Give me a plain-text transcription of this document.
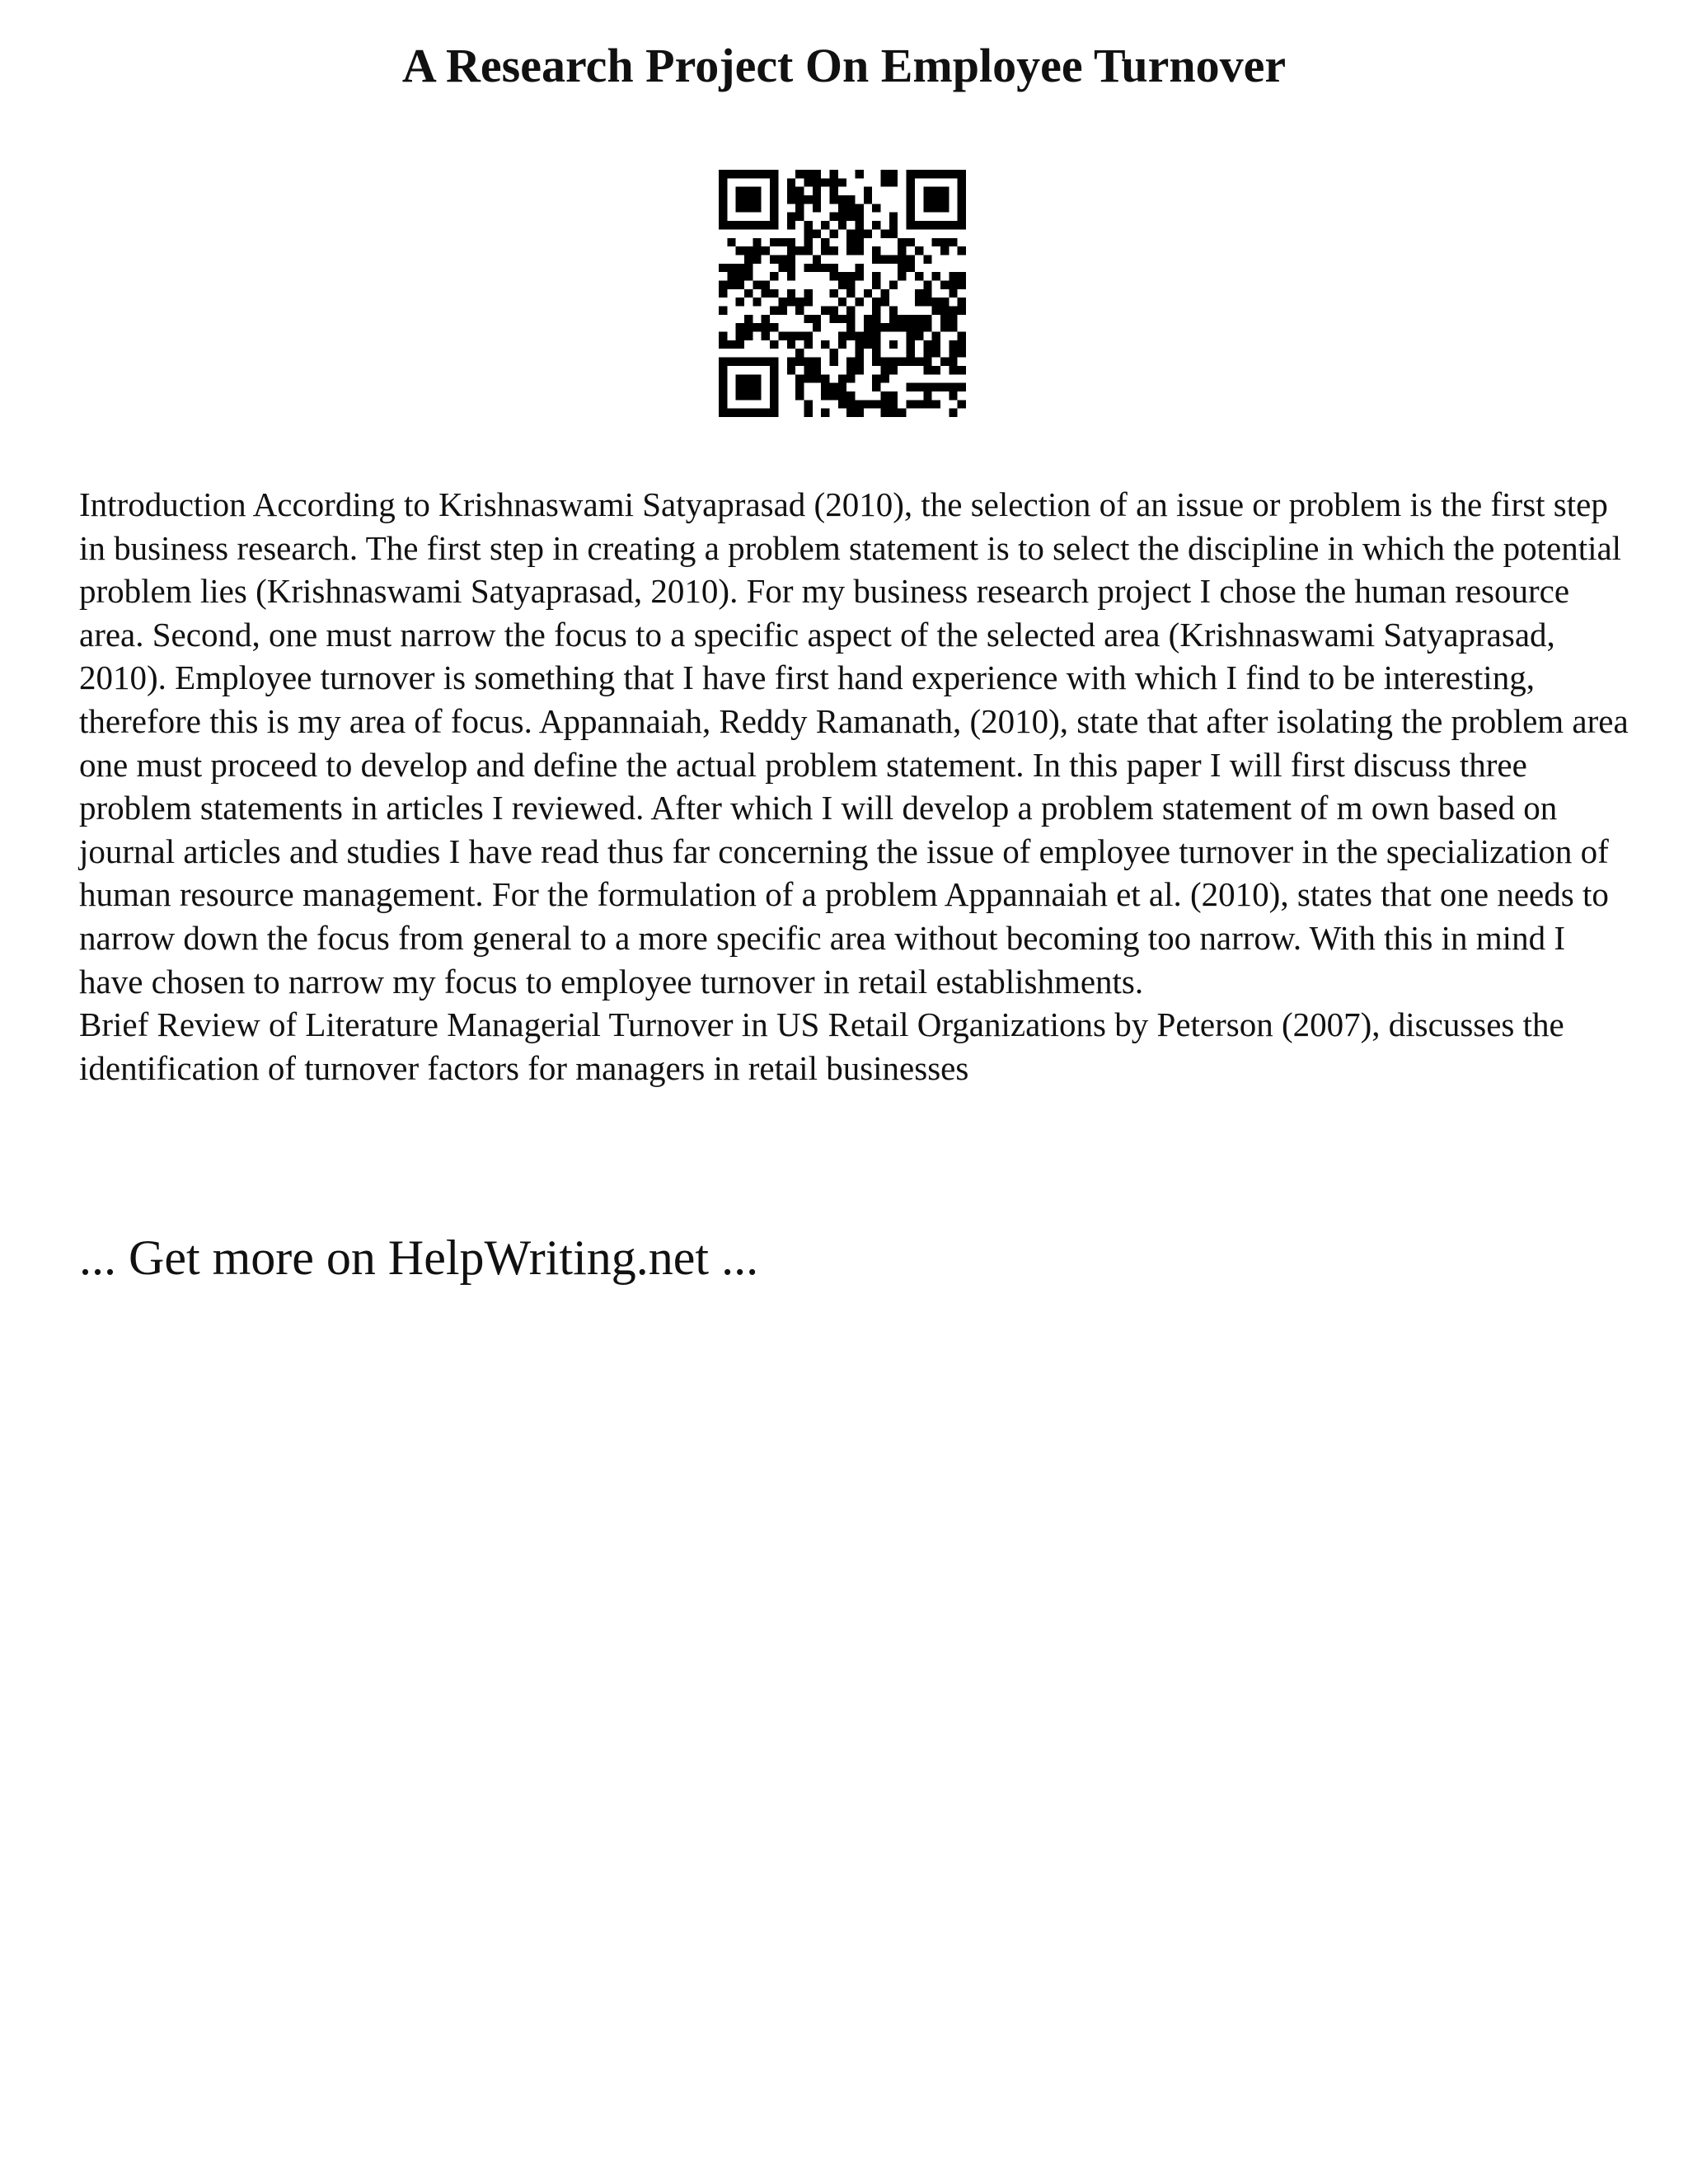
A Research Project On Employee Turnover
Introduction According to Krishnaswami Satyaprasad (2010), the selection of an issue or problem is the first step in business research. The first step in creating a problem statement is to select the discipline in which the potential problem lies (Krishnaswami Satyaprasad, 2010). For my business research project I chose the human resource area. Second, one must narrow the focus to a specific aspect of the selected area (Krishnaswami Satyaprasad, 2010). Employee turnover is something that I have first hand experience with which I find to be interesting, therefore this is my area of focus. Appannaiah, Reddy Ramanath, (2010), state that after isolating the problem area one must proceed to develop and define the actual problem statement. In this paper I will first discuss three problem statements in articles I reviewed. After which I will develop a problem statement of m own based on journal articles and studies I have read thus far concerning the issue of employee turnover in the specialization of human resource management. For the formulation of a problem Appannaiah et al. (2010), states that one needs to narrow down the focus from general to a more specific area without becoming too narrow. With this in mind I have chosen to narrow my focus to employee turnover in retail establishments.
Brief Review of Literature Managerial Turnover in US Retail Organizations by Peterson (2007), discusses the identification of turnover factors for managers in retail businesses

... Get more on HelpWriting.net ...
